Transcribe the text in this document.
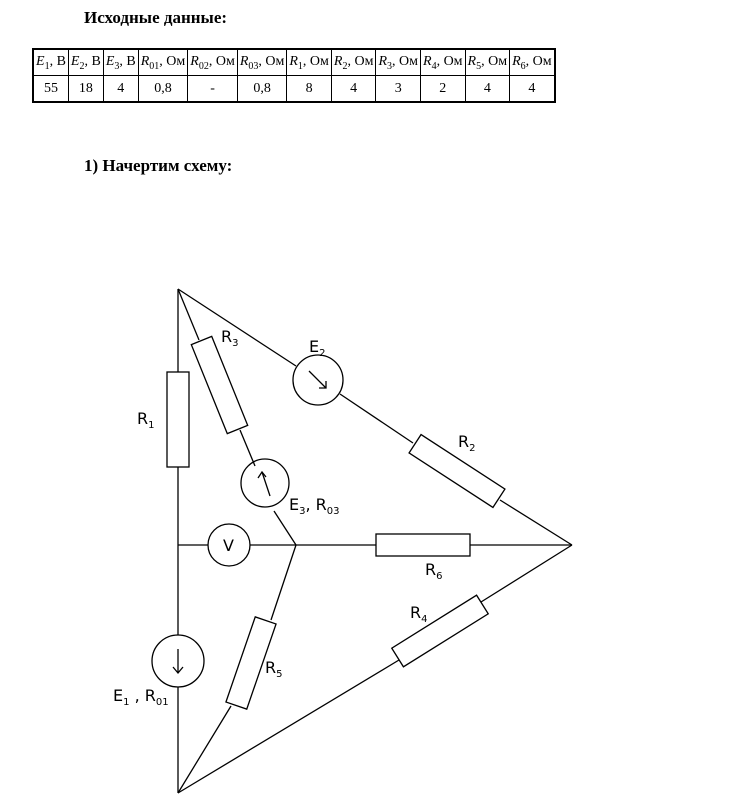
Исходные данные:
$E_1$, В	$E_2$, В	$E_3$, В	$R_{01}$, Ом	$R_{02}$, Ом	$R_{03}$, Ом	$R_1$, Ом	$R_2$, Ом	$R_3$, Ом	$R_4$, Ом	$R_5$, Ом	$R_6$, Ом
55	18	4	0,8	-	0,8	8	4	3	2	4	4
1) Начертим схему:
$R_1$
$R_3$	$E_2$
$R_2$
$E_3$, $R_{03}$
V
$R_6$
$R_4$
$R_5$
$E_1$ , $R_{01}$
